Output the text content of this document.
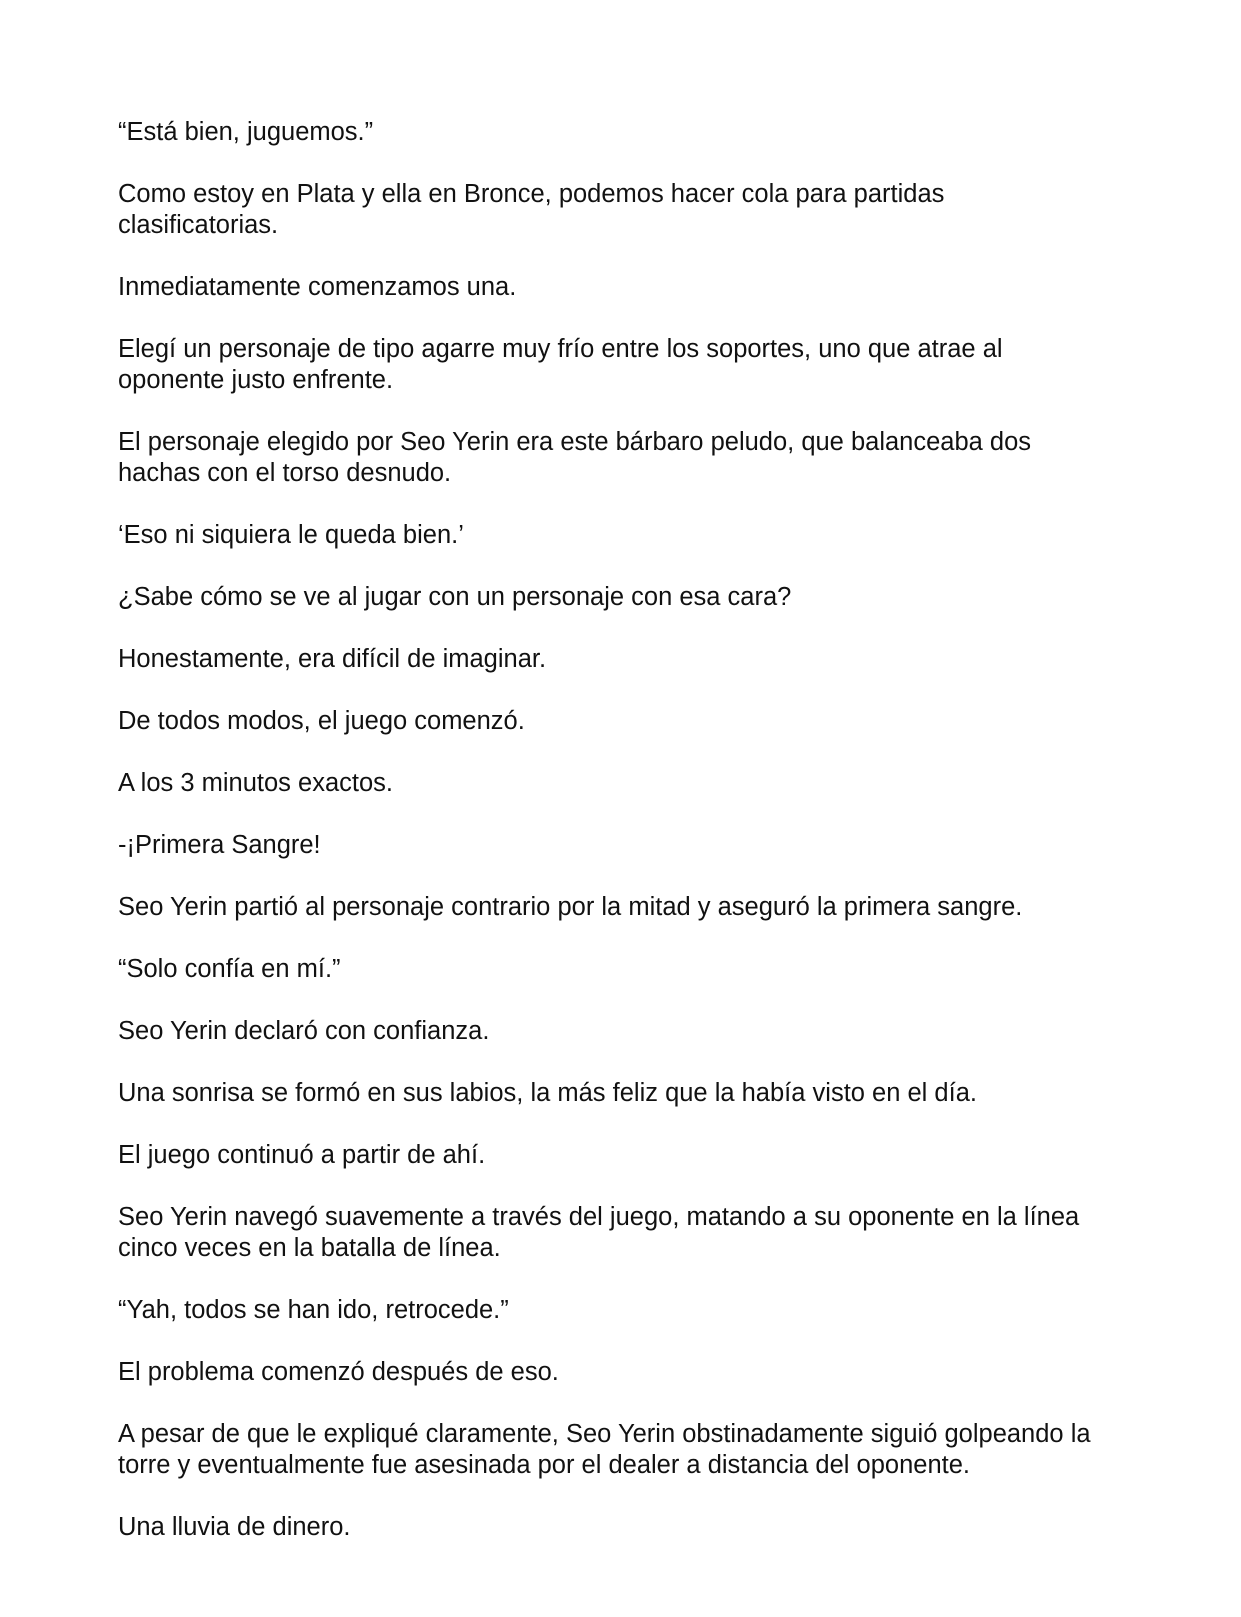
“Está bien, juguemos.”

Como estoy en Plata y ella en Bronce, podemos hacer cola para partidas clasificatorias.

Inmediatamente comenzamos una.

Elegí un personaje de tipo agarre muy frío entre los soportes, uno que atrae al oponente justo enfrente.

El personaje elegido por Seo Yerin era este bárbaro peludo, que balanceaba dos hachas con el torso desnudo.

‘Eso ni siquiera le queda bien.’

¿Sabe cómo se ve al jugar con un personaje con esa cara?

Honestamente, era difícil de imaginar.

De todos modos, el juego comenzó.

A los 3 minutos exactos.

-¡Primera Sangre!

Seo Yerin partió al personaje contrario por la mitad y aseguró la primera sangre.

“Solo confía en mí.”

Seo Yerin declaró con confianza.

Una sonrisa se formó en sus labios, la más feliz que la había visto en el día.

El juego continuó a partir de ahí.

Seo Yerin navegó suavemente a través del juego, matando a su oponente en la línea cinco veces en la batalla de línea.

“Yah, todos se han ido, retrocede.”

El problema comenzó después de eso.

A pesar de que le expliqué claramente, Seo Yerin obstinadamente siguió golpeando la torre y eventualmente fue asesinada por el dealer a distancia del oponente.

Una lluvia de dinero.
